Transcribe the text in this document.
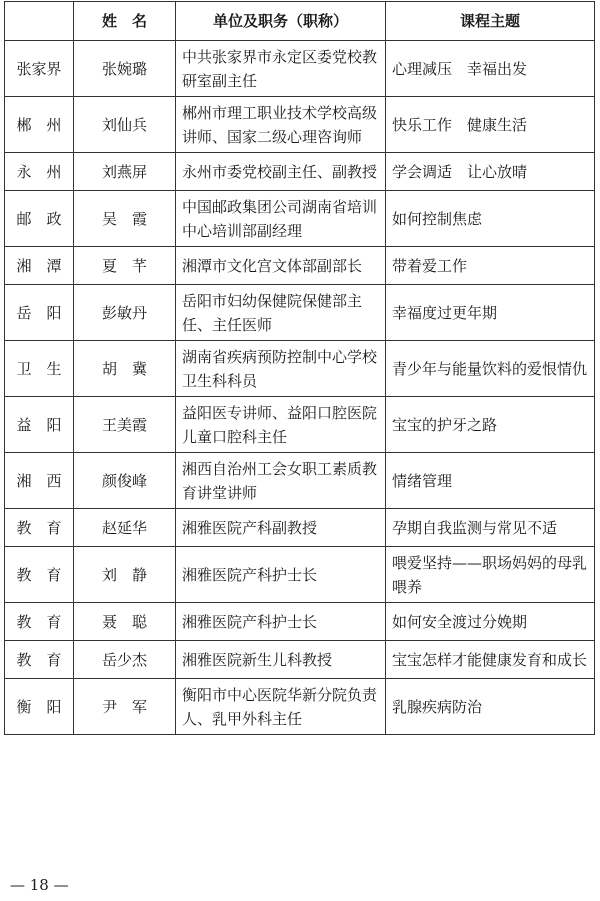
	姓　名	单位及职务（职称）	课程主题
张家界	张婉璐	中共张家界市永定区委党校教研室副主任	心理减压　幸福出发
郴　州	刘仙兵	郴州市理工职业技术学校高级讲师、国家二级心理咨询师	快乐工作　健康生活
永　州	刘燕屏	永州市委党校副主任、副教授	学会调适　让心放晴
邮　政	吴　霞	中国邮政集团公司湖南省培训中心培训部副经理	如何控制焦虑
湘　潭	夏　芊	湘潭市文化宫文体部副部长	带着爱工作
岳　阳	彭敏丹	岳阳市妇幼保健院保健部主任、主任医师	幸福度过更年期
卫　生	胡　冀	湖南省疾病预防控制中心学校卫生科科员	青少年与能量饮料的爱恨情仇
益　阳	王美霞	益阳医专讲师、益阳口腔医院儿童口腔科主任	宝宝的护牙之路
湘　西	颜俊峰	湘西自治州工会女职工素质教育讲堂讲师	情绪管理
教　育	赵延华	湘雅医院产科副教授	孕期自我监测与常见不适
教　育	刘　静	湘雅医院产科护士长	喂爱坚持——职场妈妈的母乳喂养
教　育	聂　聪	湘雅医院产科护士长	如何安全渡过分娩期
教　育	岳少杰	湘雅医院新生儿科教授	宝宝怎样才能健康发育和成长
衡　阳	尹　军	衡阳市中心医院华新分院负责人、乳甲外科主任	乳腺疾病防治
— 18 —
